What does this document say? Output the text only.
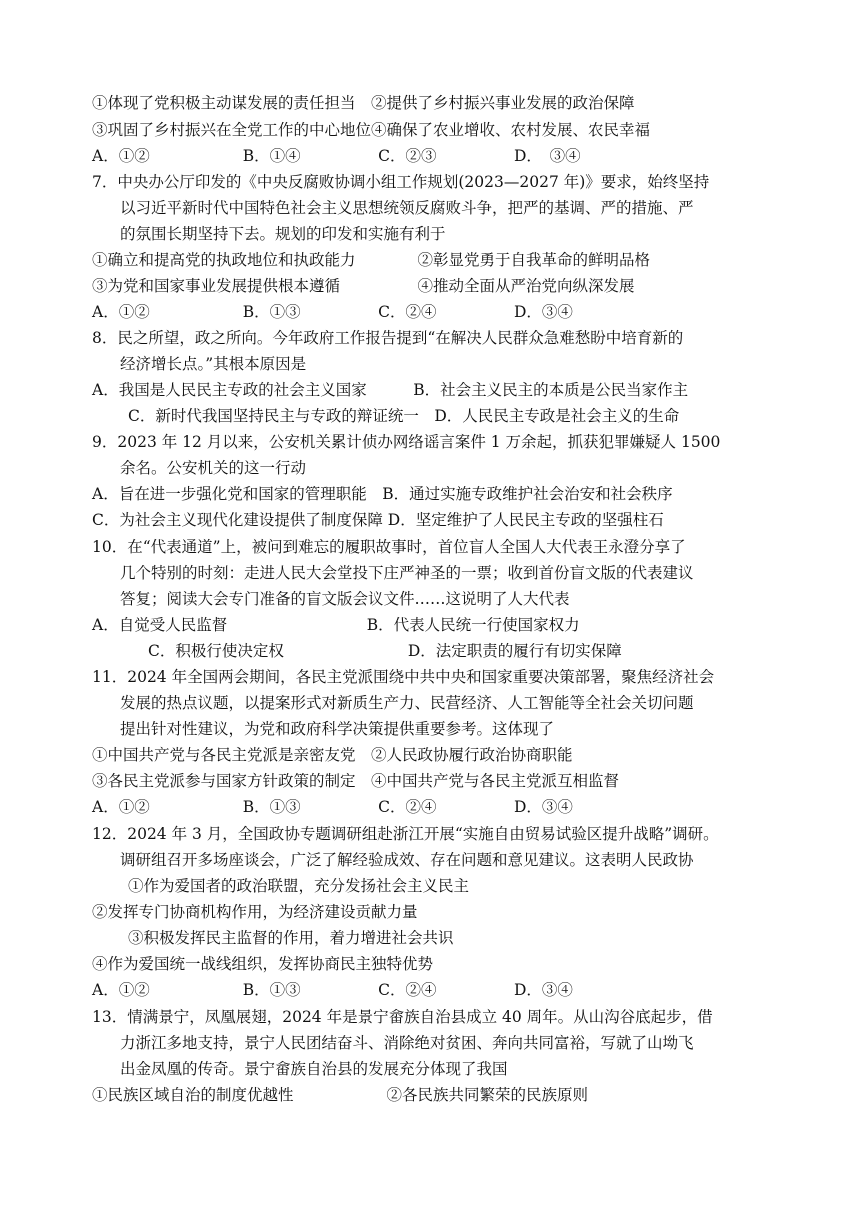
①体现了党积极主动谋发展的责任担当　②提供了乡村振兴事业发展的政治保障
③巩固了乡村振兴在全党工作的中心地位④确保了农业增收、农村发展、农民幸福
A．①②　　　　　　B．①④　　　　　C．②③　　　　　D．　③④
7．中央办公厅印发的《中央反腐败协调小组工作规划(2023—2027 年)》要求，始终坚持
以习近平新时代中国特色社会主义思想统领反腐败斗争，把严的基调、严的措施、严
的氛围长期坚持下去。规划的印发和实施有利于
①确立和提高党的执政地位和执政能力　　　　②彰显党勇于自我革命的鲜明品格
③为党和国家事业发展提供根本遵循　　　　　④推动全面从严治党向纵深发展
A．①②　　　　　　B．①③　　　　　C．②④　　　　　D．③④
8．民之所望，政之所向。今年政府工作报告提到“在解决人民群众急难愁盼中培育新的
经济增长点。”其根本原因是
A．我国是人民民主专政的社会主义国家　　　B．社会主义民主的本质是公民当家作主
C．新时代我国坚持民主与专政的辩证统一　D．人民民主专政是社会主义的生命
9．2023 年 12 月以来，公安机关累计侦办网络谣言案件 1 万余起，抓获犯罪嫌疑人 1500
余名。公安机关的这一行动
A．旨在进一步强化党和国家的管理职能　B．通过实施专政维护社会治安和社会秩序
C．为社会主义现代化建设提供了制度保障 D．坚定维护了人民民主专政的坚强柱石
10．在“代表通道”上，被问到难忘的履职故事时，首位盲人全国人大代表王永澄分享了
几个特别的时刻：走进人民大会堂投下庄严神圣的一票；收到首份盲文版的代表建议
答复；阅读大会专门准备的盲文版会议文件……这说明了人大代表
A．自觉受人民监督　　　　　　　　　B．代表人民统一行使国家权力
C．积极行使决定权　　　　　　　　D．法定职责的履行有切实保障
11．2024 年全国两会期间，各民主党派围绕中共中央和国家重要决策部署，聚焦经济社会
发展的热点议题，以提案形式对新质生产力、民营经济、人工智能等全社会关切问题
提出针对性建议，为党和政府科学决策提供重要参考。这体现了
①中国共产党与各民主党派是亲密友党　②人民政协履行政治协商职能
③各民主党派参与国家方针政策的制定　④中国共产党与各民主党派互相监督
A．①②　　　　　　B．①③　　　　　C．②④　　　　　D．③④
12．2024 年 3 月，全国政协专题调研组赴浙江开展“实施自由贸易试验区提升战略”调研。
调研组召开多场座谈会，广泛了解经验成效、存在问题和意见建议。这表明人民政协
①作为爱国者的政治联盟，充分发扬社会主义民主
②发挥专门协商机构作用，为经济建设贡献力量
③积极发挥民主监督的作用，着力增进社会共识
④作为爱国统一战线组织，发挥协商民主独特优势
A．①②　　　　　　B．①③　　　　　C．②④　　　　　D．③④
13．情满景宁，凤凰展翅，2024 年是景宁畲族自治县成立 40 周年。从山沟谷底起步，借
力浙江多地支持，景宁人民团结奋斗、消除绝对贫困、奔向共同富裕，写就了山坳飞
出金凤凰的传奇。景宁畲族自治县的发展充分体现了我国
①民族区域自治的制度优越性　　　　　　②各民族共同繁荣的民族原则
